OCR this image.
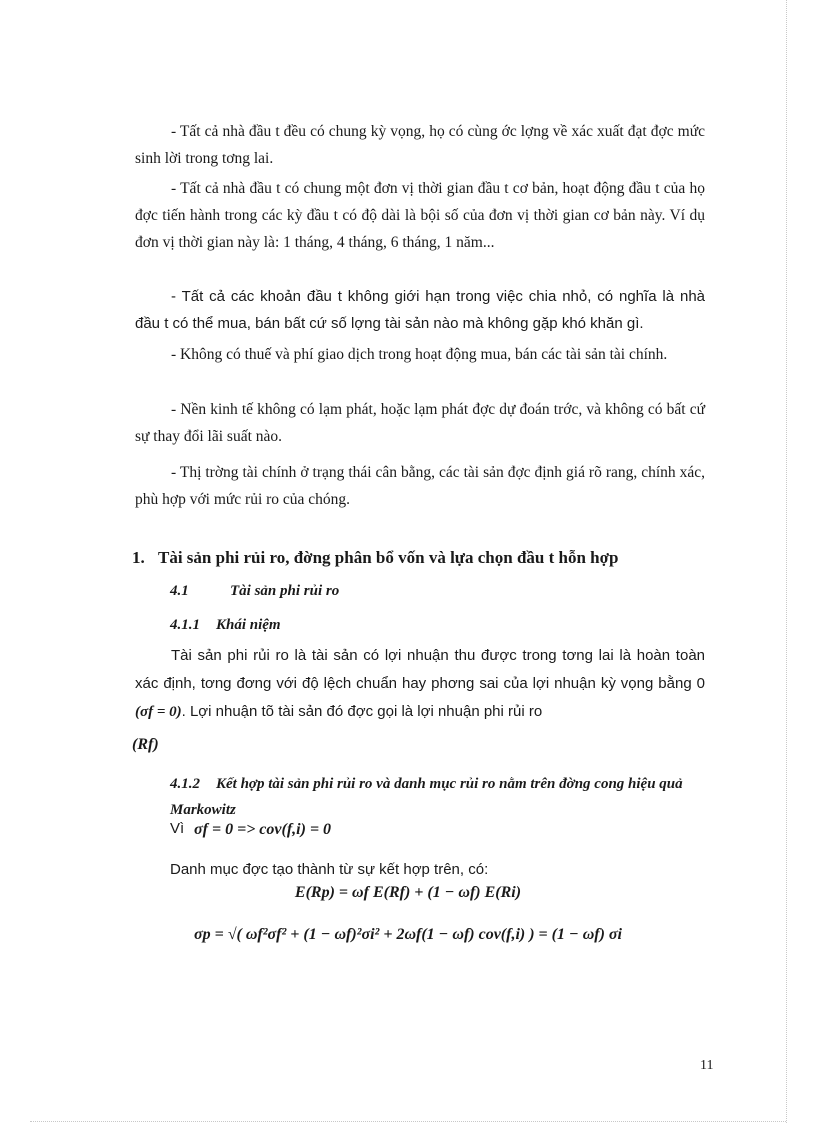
- Tất cả nhà đầu t đều có chung kỳ vọng, họ có cùng ớc lợng về xác xuất đạt đợc mức sinh lời trong tơng lai.

- Tất cả nhà đầu t có chung một đơn vị thời gian đầu t cơ bản, hoạt động đầu t của họ đợc tiến hành trong các kỳ đầu t có độ dài là bội số của đơn vị thời gian cơ bản này. Ví dụ đơn vị thời gian này là: 1 tháng, 4 tháng, 6 tháng, 1 năm...

- Tất cả các khoản đầu t không giới hạn trong việc chia nhỏ, có nghĩa là nhà đầu t có thể mua, bán bất cứ số lợng tài sản nào mà không gặp khó khăn gì.

- Không có thuế và phí giao dịch trong hoạt động mua, bán các tài sản tài chính.

- Nền kinh tế không có lạm phát, hoặc lạm phát đợc dự đoán trớc, và không có bất cứ sự thay đổi lãi suất nào.

- Thị trờng tài chính ở trạng thái cân bằng, các tài sản đợc định giá rõ rang, chính xác, phù hợp với mức rủi ro của chóng.

1. Tài sản phi rủi ro, đờng phân bổ vốn và lựa chọn đầu t hỗn hợp
4.1	Tài sản phi rủi ro
4.1.1 Khái niệm

Tài sản phi rủi ro là tài sản có lợi nhuận thu được trong tơng lai là hoàn toàn xác định, tơng đơng với độ lệch chuẩn hay phơng sai của lợi nhuận kỳ vọng bằng 0 (σf = 0). Lợi nhuận tõ tài sản đó đợc gọi là lợi nhuận phi rủi ro

(Rf)
4.1.2 Kết hợp tài sản phi rủi ro và danh mục rủi ro nằm trên đờng cong hiệu quả Markowitz
Vì σf = 0 => cov(f,i) = 0

Danh mục đợc tạo thành từ sự kết hợp trên, có:

E(Rp) = ωf E(Rf) + (1 − ωf) E(Ri)
σp = √( ωf²σf² + (1 − ωf)²σi² + 2ωf(1 − ωf) cov(f,i) ) = (1 − ωf) σi
11
